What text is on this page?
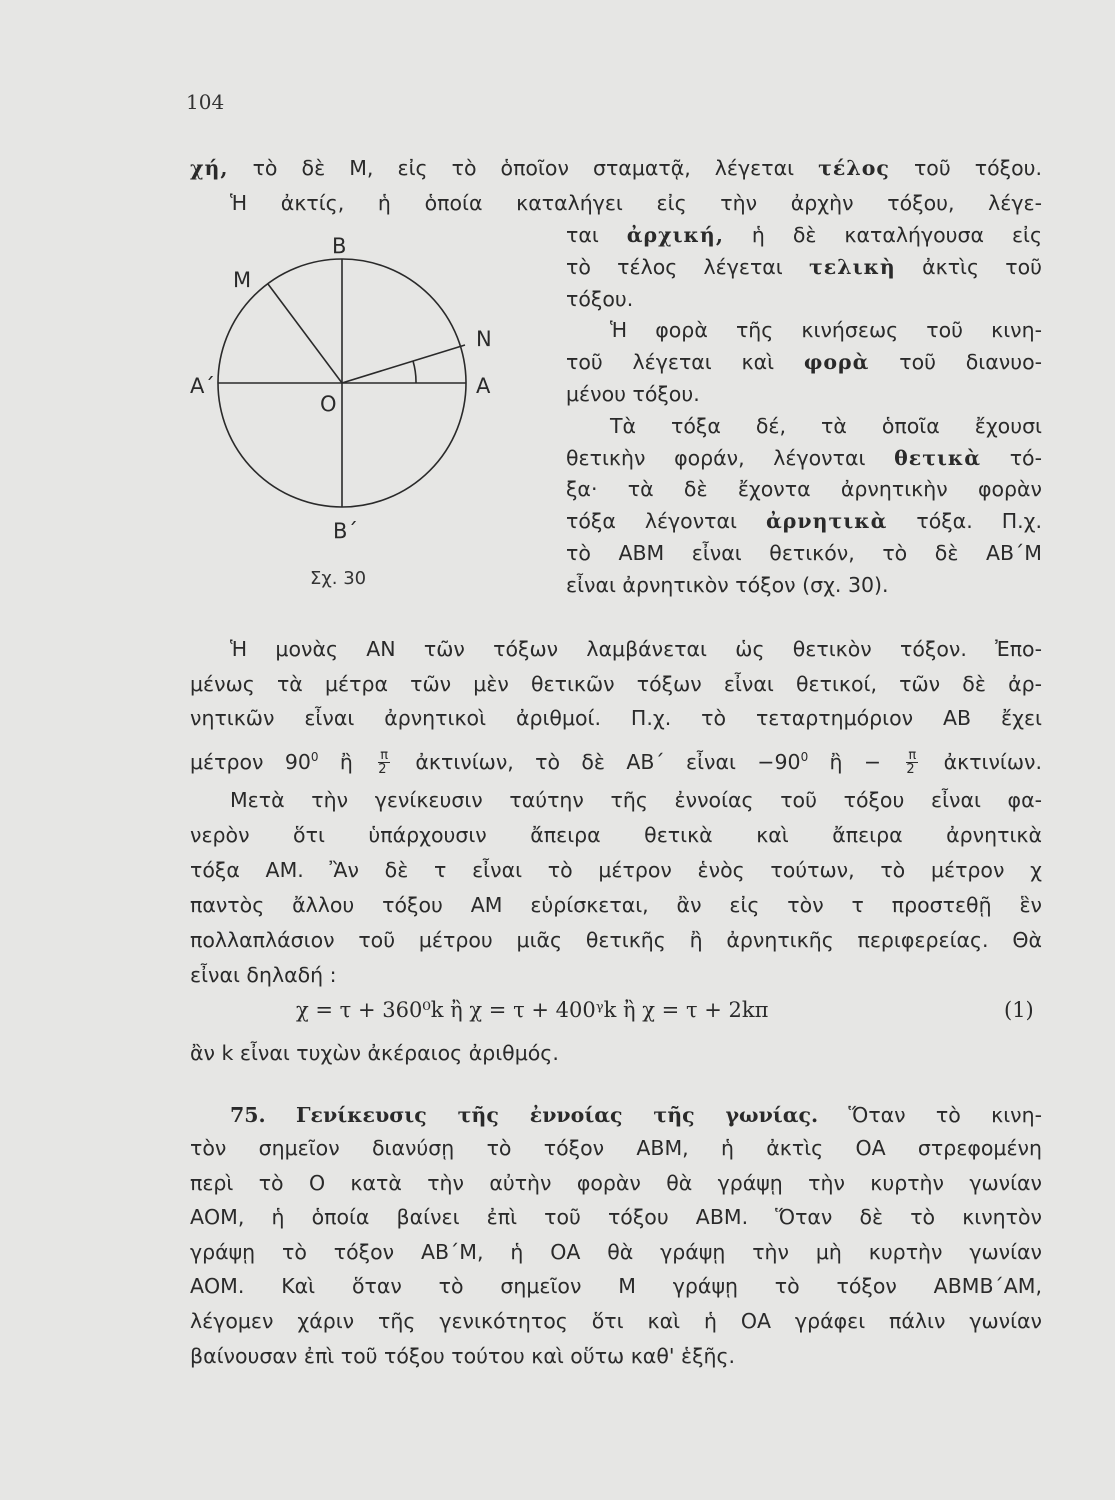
104
χή, τὸ δὲ Μ, εἰς τὸ ὁποῖον σταματᾷ, λέγεται τέλος τοῦ τόξου.
Ἡ ἀκτίς, ἡ ὁποία καταλήγει εἰς τὴν ἀρχὴν τόξου, λέγε-
ται ἀρχική, ἡ δὲ καταλήγουσα εἰς
τὸ τέλος λέγεται τελικὴ ἀκτὶς τοῦ
τόξου.
Ἡ φορὰ τῆς κινήσεως τοῦ κινη-
τοῦ λέγεται καὶ φορὰ τοῦ διανυο-
μένου τόξου.
Τὰ τόξα δέ, τὰ ὁποῖα ἔχουσι
θετικὴν φοράν, λέγονται θετικὰ τό-
ξα· τὰ δὲ ἔχοντα ἀρνητικὴν φορὰν
τόξα λέγονται ἀρνητικὰ τόξα. Π.χ.
τὸ ΑΒΜ εἶναι θετικόν, τὸ δὲ ΑΒ΄Μ
εἶναι ἀρνητικὸν τόξον (σχ. 30).
Β
Μ
Ν
Α΄
Ο
Α
Β΄
Σχ. 30
Ἡ μονὰς ΑΝ τῶν τόξων λαμβάνεται ὡς θετικὸν τόξον. Ἐπο-
μένως τὰ μέτρα τῶν μὲν θετικῶν τόξων εἶναι θετικοί, τῶν δὲ ἀρ-
νητικῶν εἶναι ἀρνητικοὶ ἀριθμοί. Π.χ. τὸ τεταρτημόριον ΑΒ ἔχει
μέτρον $90^0$ ἢ $\frac{\pi}{2}$ ἀκτινίων, τὸ δὲ ΑΒ΄ εἶναι $-90^0$ ἢ − $\frac{\pi}{2}$ ἀκτινίων.
Μετὰ τὴν γενίκευσιν ταύτην τῆς ἐννοίας τοῦ τόξου εἶναι φα-
νερὸν ὅτι ὑπάρχουσιν ἄπειρα θετικὰ καὶ ἄπειρα ἀρνητικὰ
τόξα ΑΜ. Ἂν δὲ τ εἶναι τὸ μέτρον ἑνὸς τούτων, τὸ μέτρον χ
παντὸς ἄλλου τόξου ΑΜ εὑρίσκεται, ἂν εἰς τὸν τ προστεθῇ ἓν
πολλαπλάσιον τοῦ μέτρου μιᾶς θετικῆς ἢ ἀρνητικῆς περιφερείας. Θὰ
εἶναι δηλαδή :
χ = τ + 360⁰k ἢ χ = τ + 400ᵞk ἢ χ = τ + 2kπ	(1)
ἂν k εἶναι τυχὼν ἀκέραιος ἀριθμός.
75. Γενίκευσις τῆς ἐννοίας τῆς γωνίας. Ὅταν τὸ κινη-
τὸν σημεῖον διανύσῃ τὸ τόξον ΑΒΜ, ἡ ἀκτὶς ΟΑ στρεφομένη
περὶ τὸ Ο κατὰ τὴν αὐτὴν φορὰν θὰ γράψῃ τὴν κυρτὴν γωνίαν
ΑΟΜ, ἡ ὁποία βαίνει ἐπὶ τοῦ τόξου ΑΒΜ. Ὅταν δὲ τὸ κινητὸν
γράψῃ τὸ τόξον ΑΒ΄Μ, ἡ ΟΑ θὰ γράψῃ τὴν μὴ κυρτὴν γωνίαν
ΑΟΜ. Καὶ ὅταν τὸ σημεῖον Μ γράψῃ τὸ τόξον ΑΒΜΒ΄ΑΜ,
λέγομεν χάριν τῆς γενικότητος ὅτι καὶ ἡ ΟΑ γράφει πάλιν γωνίαν
βαίνουσαν ἐπὶ τοῦ τόξου τούτου καὶ οὕτω καθ' ἑξῆς.
